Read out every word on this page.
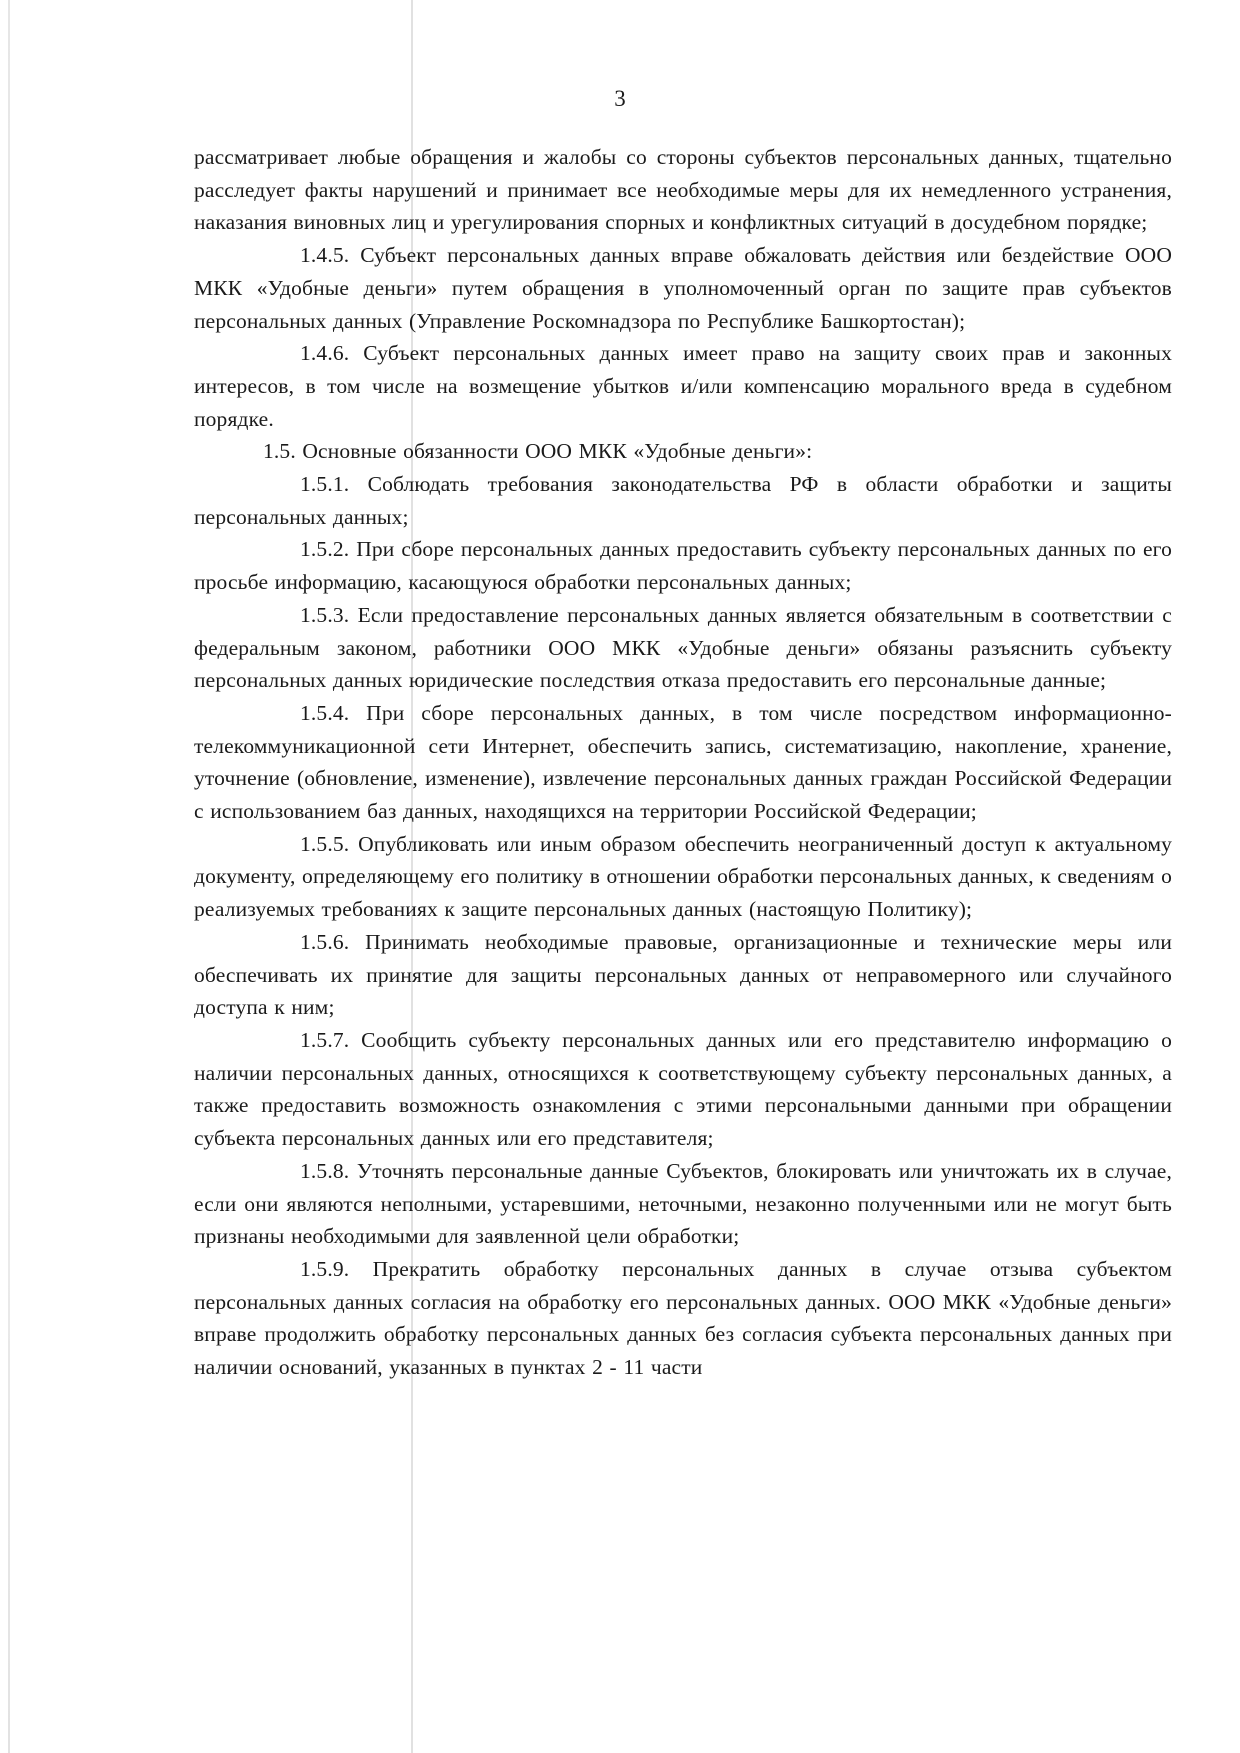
3

рассматривает любые обращения и жалобы со стороны субъектов персональных данных, тщательно расследует факты нарушений и принимает все необходимые меры для их немедленного устранения, наказания виновных лиц и урегулирования спорных и конфликтных ситуаций в досудебном порядке;

1.4.5. Субъект персональных данных вправе обжаловать действия или бездействие ООО МКК «Удобные деньги» путем обращения в уполномоченный орган по защите прав субъектов персональных данных (Управление Роскомнадзора по Республике Башкортостан);

1.4.6. Субъект персональных данных имеет право на защиту своих прав и законных интересов, в том числе на возмещение убытков и/или компенсацию морального вреда в судебном порядке.

1.5. Основные обязанности ООО МКК «Удобные деньги»:

1.5.1. Соблюдать требования законодательства РФ в области обработки и защиты персональных данных;

1.5.2. При сборе персональных данных предоставить субъекту персональных данных по его просьбе информацию, касающуюся обработки персональных данных;

1.5.3. Если предоставление персональных данных является обязательным в соответствии с федеральным законом, работники ООО МКК «Удобные деньги» обязаны разъяснить субъекту персональных данных юридические последствия отказа предоставить его персональные данные;

1.5.4. При сборе персональных данных, в том числе посредством информационно-телекоммуникационной сети Интернет, обеспечить запись, систематизацию, накопление, хранение, уточнение (обновление, изменение), извлечение персональных данных граждан Российской Федерации с использованием баз данных, находящихся на территории Российской Федерации;

1.5.5. Опубликовать или иным образом обеспечить неограниченный доступ к актуальному документу, определяющему его политику в отношении обработки персональных данных, к сведениям о реализуемых требованиях к защите персональных данных (настоящую Политику);

1.5.6. Принимать необходимые правовые, организационные и технические меры или обеспечивать их принятие для защиты персональных данных от неправомерного или случайного доступа к ним;

1.5.7. Сообщить субъекту персональных данных или его представителю информацию о наличии персональных данных, относящихся к соответствующему субъекту персональных данных, а также предоставить возможность ознакомления с этими персональными данными при обращении субъекта персональных данных или его представителя;

1.5.8. Уточнять персональные данные Субъектов, блокировать или уничтожать их в случае, если они являются неполными, устаревшими, неточными, незаконно полученными или не могут быть признаны необходимыми для заявленной цели обработки;

1.5.9. Прекратить обработку персональных данных в случае отзыва субъектом персональных данных согласия на обработку его персональных данных. ООО МКК «Удобные деньги» вправе продолжить обработку персональных данных без согласия субъекта персональных данных при наличии оснований, указанных в пунктах 2 - 11 части
